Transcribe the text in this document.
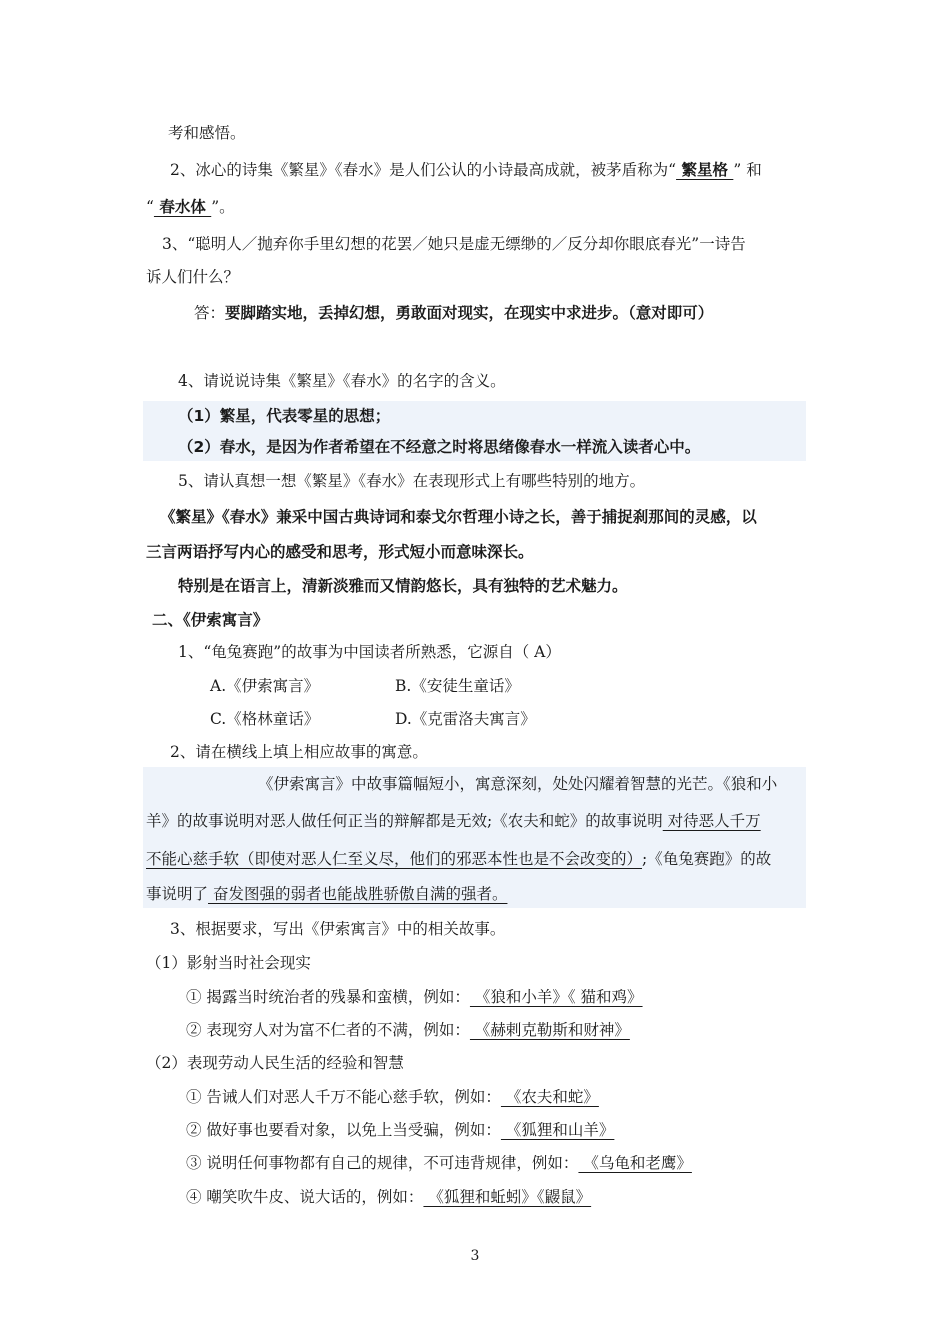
考和感悟。
2、冰心的诗集《繁星》《春水》是人们公认的小诗最高成就，被茅盾称为“ 繁星格 ” 和
“ 春水体 ”。
3、“聪明人／抛弃你手里幻想的花罢／她只是虚无缥缈的／反分却你眼底春光”一诗告
诉人们什么？
答：要脚踏实地，丢掉幻想，勇敢面对现实，在现实中求进步。（意对即可）
4、请说说诗集《繁星》《春水》的名字的含义。
（1）繁星，代表零星的思想；
（2）春水，是因为作者希望在不经意之时将思绪像春水一样流入读者心中。
5、请认真想一想《繁星》《春水》在表现形式上有哪些特别的地方。
《繁星》《春水》兼采中国古典诗词和泰戈尔哲理小诗之长，善于捕捉刹那间的灵感，以
三言两语抒写内心的感受和思考，形式短小而意味深长。
特别是在语言上，清新淡雅而又情韵悠长，具有独特的艺术魅力。
二、《伊索寓言》
1、“龟兔赛跑”的故事为中国读者所熟悉，它源自（ A）
A.《伊索寓言》	B.《安徒生童话》
C.《格林童话》	D.《克雷洛夫寓言》
2、请在横线上填上相应故事的寓意。
《伊索寓言》中故事篇幅短小，寓意深刻，处处闪耀着智慧的光芒。《狼和小
羊》的故事说明对恶人做任何正当的辩解都是无效;《农夫和蛇》的故事说明 对待恶人千万
不能心慈手软（即使对恶人仁至义尽，他们的邪恶本性也是不会改变的）;《龟兔赛跑》的故
事说明了 奋发图强的弱者也能战胜骄傲自满的强者。
3、根据要求，写出《伊索寓言》中的相关故事。
（1）影射当时社会现实
① 揭露当时统治者的残暴和蛮横，例如： 《狼和小羊》《 猫和鸡》
② 表现穷人对为富不仁者的不满，例如： 《赫剌克勒斯和财神》
（2）表现劳动人民生活的经验和智慧
① 告诫人们对恶人千万不能心慈手软，例如： 《农夫和蛇》
② 做好事也要看对象，以免上当受骗，例如： 《狐狸和山羊》
③ 说明任何事物都有自己的规律，不可违背规律，例如： 《乌龟和老鹰》
④ 嘲笑吹牛皮、说大话的，例如： 《狐狸和蚯蚓》《鼹鼠》
3
